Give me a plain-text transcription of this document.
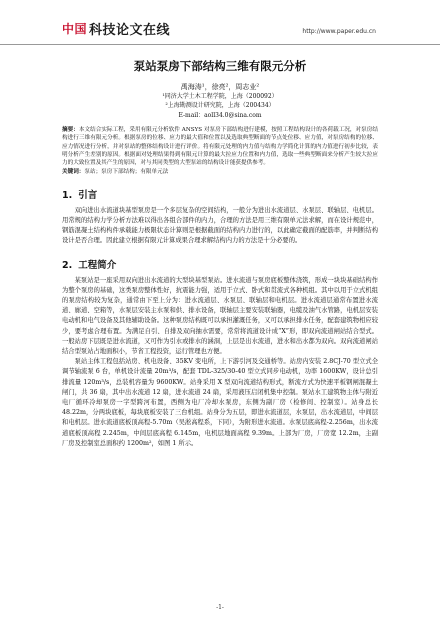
中国 科技论文在线	http://www.paper.edu.cn
泵站泵房下部结构三维有限元分析
禹海涛¹，徐亮²，周志业²
¹同济大学土木工程学院，上海（200092）
²上海勘测设计研究院，上海（200434）
E-mail：aoll34.0@sina.com
摘要：本文结合实际工程，采用有限元分析软件 ANSYS 对泵房下部结构进行建模，按照工程结构设计的各荷载工况，对泵房结构进行三维有限元分析。根据泵房的位移、应力的最大值和位置以及选取典型断面的节点处位移、应力值，对泵房结构的位移、应力情况进行分析，并对泵站的整体结构设计进行评价。将有限元处理的内力值与结构力学简化计算的内力值进行初步比较，表明分析产生差别的原因。根据面对处理结果得到有限元计算的最大拉应力位置和内力值，选取一些典型断面来分析产生较大拉应力的大致位置及其产生的原因，对与其同类型的大型泵站的结构设计能获提供参考。
关键词：泵站；泵房下部结构；有限单元法
1. 引言

双向进出水流道块基型泵房是一个多层复杂的空间结构，一般分为进出水流道层、水泵层、联轴层、电机层。用常规的结构力学分析方法难以得出各组合部件的内力，合理的方法是用三维有限单元法求解，而在设计规范中，钢筋混凝土结构构件承载能力极限状态计算则是根据截面的结构内力进行的，以此确定截面的配筋率，并判断结构设计是否合理。因此建立根据有限元计算成果合理求解结构内力的方法是十分必要的。

2. 工程简介

某泵站是一座采用双向进出水流道的大型块基型泵站。进水流道与泵房底板整体浇筑，形成一块块基础结构作为整个泵房的基础，这类泵房整体性好，抗震能力强，适用于立式、卧式和贯流式各种机组。其中以用于立式机组的泵房结构较为复杂，通常由下至上分为：进水流道层、水泵层、联轴层和电机层。进水流道层通常布置进水流道、廊道、空箱等，水泵层安装主水泵和供、排水设备，联轴层主要安装联轴器，电缆及油气水管路，电机层安装电动机和电气设备及其他辅助设备。这种泵房结构既可以承担灌溉任务，又可以承担排水任务，配套建筑物相应较少，要考虑合理布置。为满足自引、自排及双向抽水需要，常常将流道设计成“X”形，即双向流道闸站结合型式。一般站房下层既是进水流道，又可作为引水或排水的涵洞，上层是出水流道，进水和出水都为双向。双向流道闸站结合型泵站占地面积小，节省工程投资，运行管理也方便。

泵站主体工程包括站房、机电设备、35KV 变电所，上下游引河及交通桥等。站房内安装 2.8CJ-70 型立式全调节轴流泵 6 台，单机设计流量 20m³/s，配套 TDL-325/30-40 型立式同步电动机，功率 1600KW，设计总引排流量 120m³/s，总装机容量为 9600KW。站身采用 X 型双向流道结构形式，断流方式为快速平板钢闸混凝土闸门，共 36 扇，其中出水流道 12 扇，进水流道 24 扇，采用液压启闭机集中控制。泵站水工建筑物主体与附近电厂循环冷却泵房一字型跨河布置，西侧为电厂冷却水泵房，东侧为副厂房（检修间、控制室）。站身总长 48.22m，分两块底板，每块底板安装了三台机组。站身分为五层，即进水流道层，水泵层，出水流道层，中间层和电机层。进水流道底板顶高程-5.70m（吴淞高程系，下同），为附形进水流道。水泵层底高程-2.256m，出水流道底板顶高程 2.245m，中间层底高程 6.145m，电机层地面高程 9.39m。上部为厂房，厂房宽 12.2m，主副厂房及控制室总面积约 1200m²，如图 1 所示。

-1-
